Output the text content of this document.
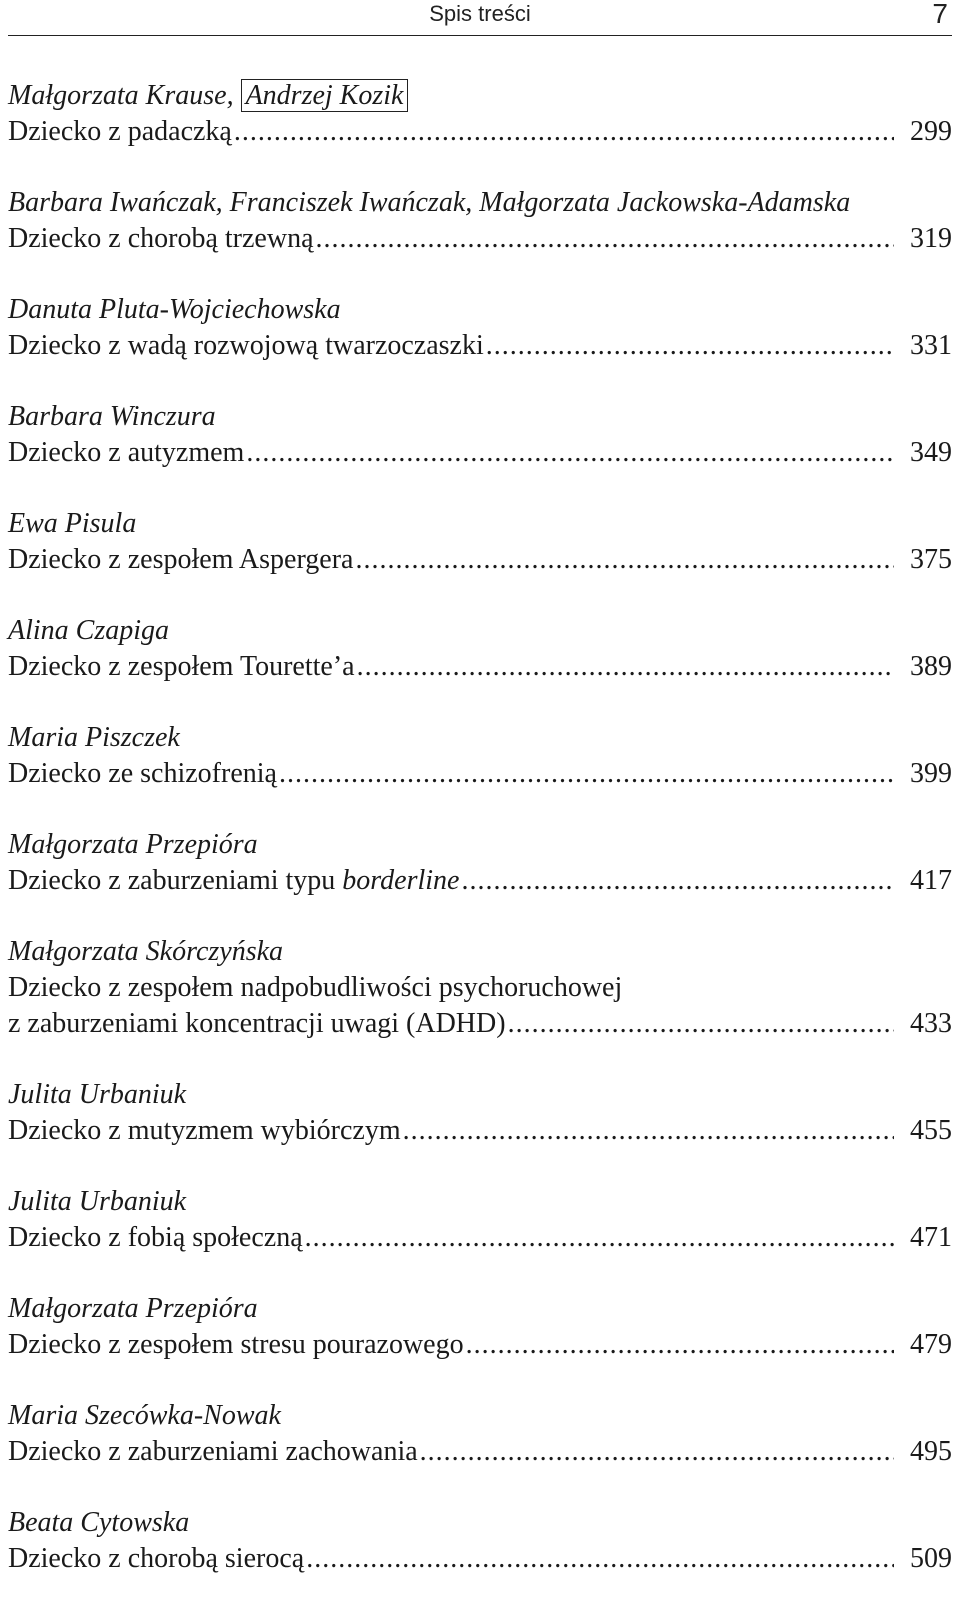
Spis treści	7
Małgorzata Krause, Andrzej Kozik
Dziecko z padaczką .....	299
Barbara Iwańczak, Franciszek Iwańczak, Małgorzata Jackowska-Adamska
Dziecko z chorobą trzewną .....	319
Danuta Pluta-Wojciechowska
Dziecko z wadą rozwojową twarzoczaszki .....	331
Barbara Winczura
Dziecko z autyzmem .....	349
Ewa Pisula
Dziecko z zespołem Aspergera .....	375
Alina Czapiga
Dziecko z zespołem Tourette’a .....	389
Maria Piszczek
Dziecko ze schizofrenią .....	399
Małgorzata Przepióra
Dziecko z zaburzeniami typu borderline .....	417
Małgorzata Skórczyńska
Dziecko z zespołem nadpobudliwości psychoruchowej
z zaburzeniami koncentracji uwagi (ADHD) .....	433
Julita Urbaniuk
Dziecko z mutyzmem wybiórczym .....	455
Julita Urbaniuk
Dziecko z fobią społeczną .....	471
Małgorzata Przepióra
Dziecko z zespołem stresu pourazowego .....	479
Maria Szecówka-Nowak
Dziecko z zaburzeniami zachowania .....	495
Beata Cytowska
Dziecko z chorobą sierocą .....	509
